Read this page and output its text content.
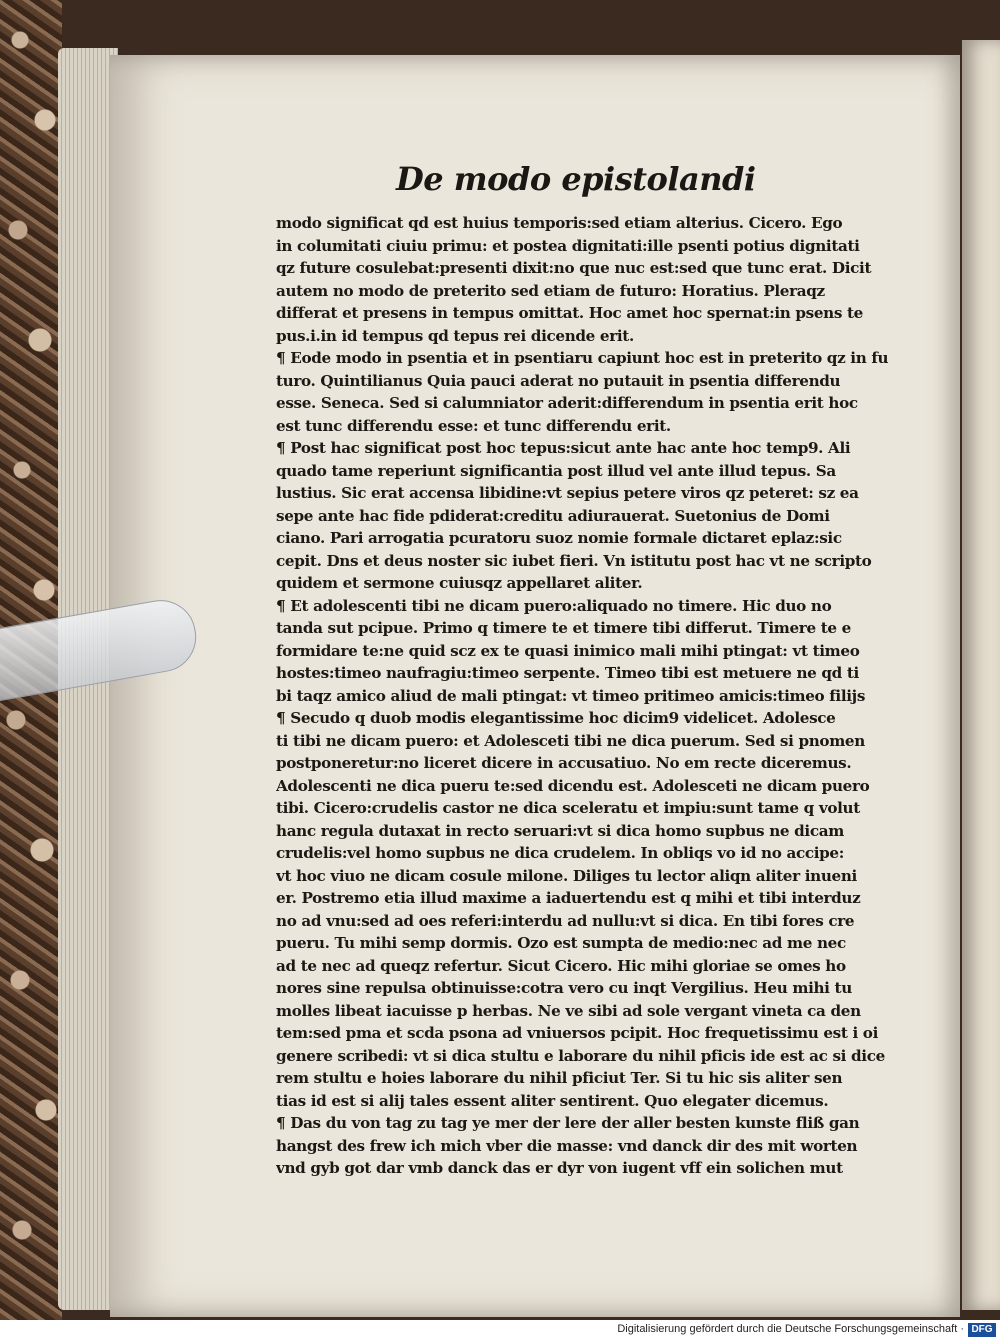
De modo epistolandi
modo significat qd est huius temporis:sed etiam alterius. Cicero. Ego
in columitati ciuiu primu: et postea dignitati:ille psenti potius dignitati
qz future cosulebat:presenti dixit:no que nuc est:sed que tunc erat. Dicit
autem no modo de preterito sed etiam de futuro: Horatius. Pleraqz
differat et presens in tempus omittat. Hoc amet hoc spernat:in psens te
pus.i.in id tempus qd tepus rei dicende erit.
¶ Eode modo in psentia et in psentiaru capiunt hoc est in preterito qz in fu
turo. Quintilianus Quia pauci aderat no putauit in psentia differendu
esse. Seneca. Sed si calumniator aderit:differendum in psentia erit hoc
est tunc differendu esse: et tunc differendu erit.
¶ Post hac significat post hoc tepus:sicut ante hac ante hoc temp9. Ali
quado tame reperiunt significantia post illud vel ante illud tepus. Sa
lustius. Sic erat accensa libidine:vt sepius petere viros qz peteret: sz ea
sepe ante hac fide pdiderat:creditu adiurauerat. Suetonius de Domi
ciano. Pari arrogatia pcuratoru suoz nomie formale dictaret eplaz:sic
cepit. Dns et deus noster sic iubet fieri. Vn istitutu post hac vt ne scripto
quidem et sermone cuiusqz appellaret aliter.
¶ Et adolescenti tibi ne dicam puero:aliquado no timere. Hic duo no
tanda sut pcipue. Primo q timere te et timere tibi differut. Timere te e
formidare te:ne quid scz ex te quasi inimico mali mihi ptingat: vt timeo
hostes:timeo naufragiu:timeo serpente. Timeo tibi est metuere ne qd ti
bi taqz amico aliud de mali ptingat: vt timeo pritimeo amicis:timeo filijs
¶ Secudo q duob modis elegantissime hoc dicim9 videlicet. Adolesce
ti tibi ne dicam puero: et Adolesceti tibi ne dica puerum. Sed si pnomen
postponeretur:no liceret dicere in accusatiuo. No em recte diceremus.
Adolescenti ne dica pueru te:sed dicendu est. Adolesceti ne dicam puero
tibi. Cicero:crudelis castor ne dica sceleratu et impiu:sunt tame q volut
hanc regula dutaxat in recto seruari:vt si dica homo supbus ne dicam
crudelis:vel homo supbus ne dica crudelem. In obliqs vo id no accipe:
vt hoc viuo ne dicam cosule milone. Diliges tu lector aliqn aliter inueni
er. Postremo etia illud maxime a iaduertendu est q mihi et tibi interduz
no ad vnu:sed ad oes referi:interdu ad nullu:vt si dica. En tibi fores cre
pueru. Tu mihi semp dormis. Ozo est sumpta de medio:nec ad me nec
ad te nec ad queqz refertur. Sicut Cicero. Hic mihi gloriae se omes ho
nores sine repulsa obtinuisse:cotra vero cu inqt Vergilius. Heu mihi tu
molles libeat iacuisse p herbas. Ne ve sibi ad sole vergant vineta ca den
tem:sed pma et scda psona ad vniuersos pcipit. Hoc frequetissimu est i oi
genere scribedi: vt si dica stultu e laborare du nihil pficis ide est ac si dice
rem stultu e hoies laborare du nihil pficiut Ter. Si tu hic sis aliter sen
tias id est si alij tales essent aliter sentirent. Quo elegater dicemus.
¶ Das du von tag zu tag ye mer der lere der aller besten kunste fliß gan
hangst des frew ich mich vber die masse: vnd danck dir des mit worten
vnd gyb got dar vmb danck das er dyr von iugent vff ein solichen mut
Digitalisierung gefördert durch die Deutsche Forschungsgemeinschaft · DFG
